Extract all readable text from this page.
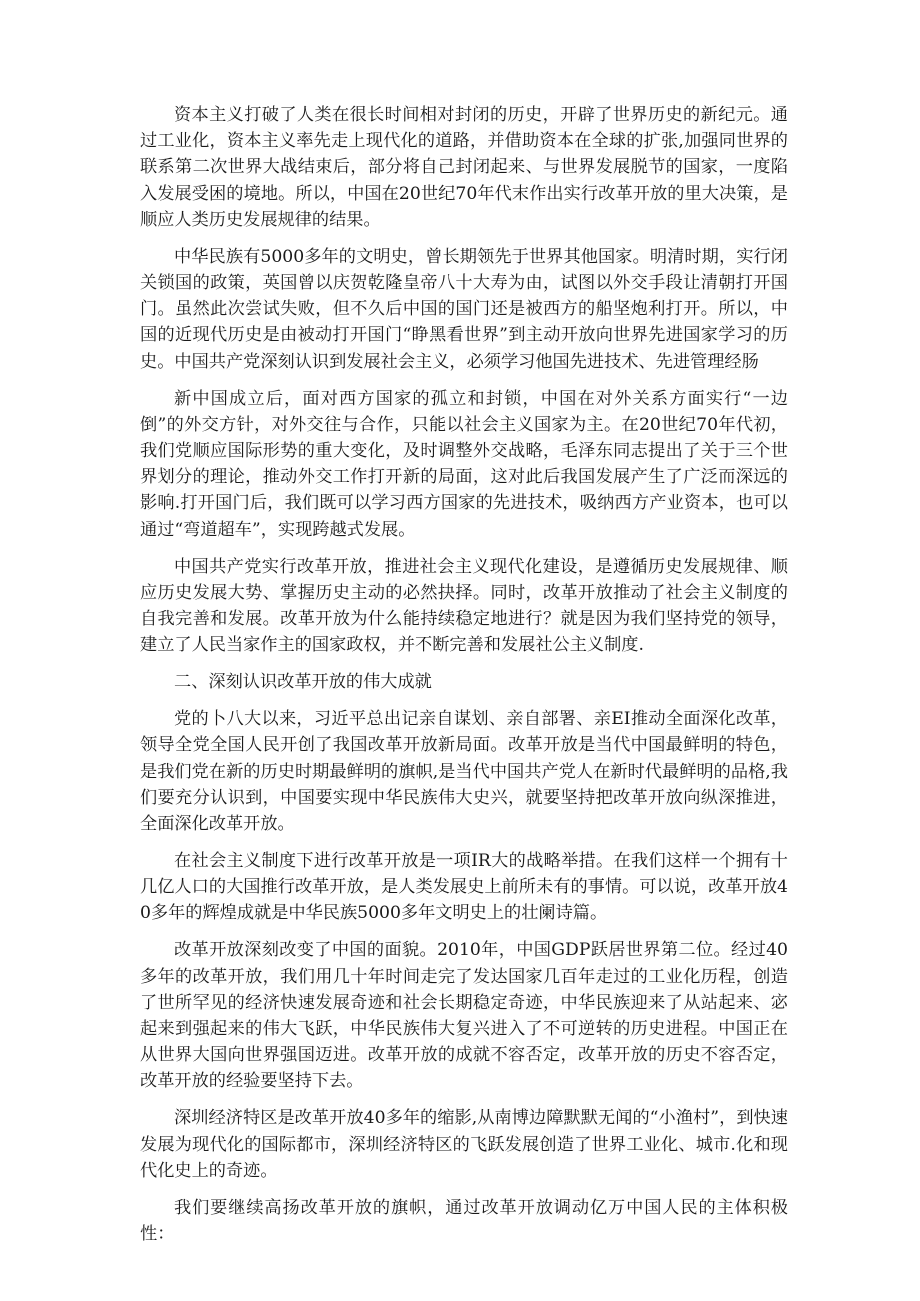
资本主义打破了人类在很长时间相对封闭的历史，开辟了世界历史的新纪元。通过工业化，资本主义率先走上现代化的道路，并借助资本在全球的扩张,加强同世界的联系第二次世界大战结束后，部分将自己封闭起来、与世界发展脱节的国家，一度陷入发展受困的境地。所以，中国在20世纪70年代末作出实行改革开放的里大决策，是顺应人类历史发展规律的结果。

中华民族有5000多年的文明史，曾长期领先于世界其他国家。明清时期，实行闭关锁国的政策，英国曾以庆贺乾隆皇帝八十大寿为由，试图以外交手段让清朝打开国门。虽然此次尝试失败，但不久后中国的国门还是被西方的船坚炮利打开。所以，中国的近现代历史是由被动打开国门“睁黑看世界”到主动开放向世界先进国家学习的历史。中国共产党深刻认识到发展社会主义，必须学习他国先进技术、先进管理经肠

新中国成立后，面对西方国家的孤立和封锁，中国在对外关系方面实行“一边倒”的外交方针，对外交往与合作，只能以社会主义国家为主。在20世纪70年代初，我们党顺应国际形势的重大变化，及时调整外交战略，毛泽东同志提出了关于三个世界划分的理论，推动外交工作打开新的局面，这对此后我国发展产生了广泛而深远的影响.打开国门后，我们既可以学习西方国家的先进技术，吸纳西方产业资本，也可以通过“弯道超车”，实现跨越式发展。

中国共产党实行改革开放，推进社会主义现代化建设，是遵循历史发展规律、顺应历史发展大势、掌握历史主动的必然抉择。同时，改革开放推动了社会主义制度的自我完善和发展。改革开放为什么能持续稳定地进行？就是因为我们坚持党的领导，建立了人民当家作主的国家政权，并不断完善和发展社公主义制度.

二、深刻认识改革开放的伟大成就

党的卜八大以来，习近平总出记亲自谋划、亲自部署、亲EI推动全面深化改革，领导全党全国人民开创了我国改革开放新局面。改革开放是当代中国最鲜明的特色，是我们党在新的历史时期最鲜明的旗帜,是当代中国共产党人在新时代最鲜明的品格,我们要充分认识到，中国要实现中华民族伟大史兴，就要坚持把改革开放向纵深推进，全面深化改革开放。

在社会主义制度下进行改革开放是一项IR大的战略举措。在我们这样一个拥有十几亿人口的大国推行改革开放，是人类发展史上前所未有的事情。可以说，改革开放40多年的辉煌成就是中华民族5000多年文明史上的壮阑诗篇。

改革开放深刻改变了中国的面貌。2010年，中国GDP跃居世界第二位。经过40多年的改革开放，我们用几十年时间走完了发达国家几百年走过的工业化历程，创造了世所罕见的经济快速发展奇迹和社会长期稳定奇迹，中华民族迎来了从站起来、宓起来到强起来的伟大飞跃，中华民族伟大复兴进入了不可逆转的历史进程。中国正在从世界大国向世界强国迈进。改革开放的成就不容否定，改革开放的历史不容否定，改革开放的经验要坚持下去。

深圳经济特区是改革开放40多年的缩影,从南博边障默默无闻的“小渔村”，到快速发展为现代化的国际都市，深圳经济特区的飞跃发展创造了世界工业化、城市.化和现代化史上的奇迹。

我们要继续高扬改革开放的旗帜，通过改革开放调动亿万中国人民的主体积极性：
